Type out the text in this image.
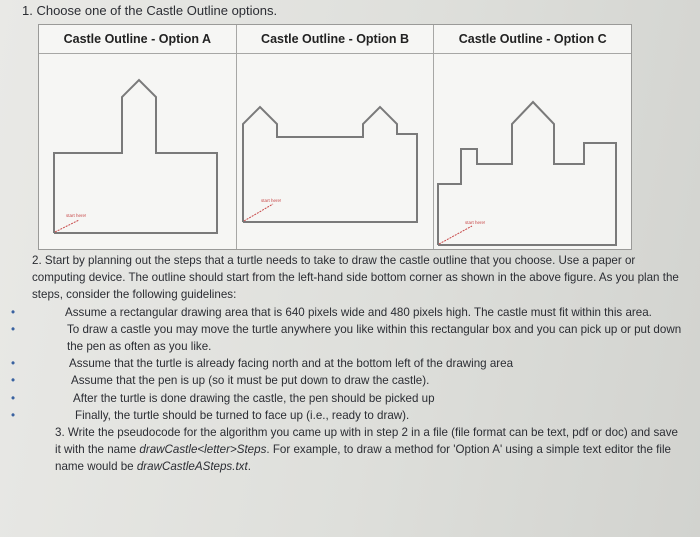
1. Choose one of the Castle Outline options.
Castle Outline - Option A
start here!
Castle Outline - Option B
start here!
Castle Outline - Option C
start here!

2. Start by planning out the steps that a turtle needs to take to draw the castle outline that you choose. Use a paper or computing device. The outline should start from the left-hand side bottom corner as shown in the above figure. As you plan the steps, consider the following guidelines:

• Assume a rectangular drawing area that is 640 pixels wide and 480 pixels high. The castle must fit within this area.
• To draw a castle you may move the turtle anywhere you like within this rectangular box and you can pick up or put down the pen as often as you like.
• Assume that the turtle is already facing north and at the bottom left of the drawing area
• Assume that the pen is up (so it must be put down to draw the castle).
• After the turtle is done drawing the castle, the pen should be picked up
• Finally, the turtle should be turned to face up (i.e., ready to draw).

3. Write the pseudocode for the algorithm you came up with in step 2 in a file (file format can be text, pdf or doc) and save it with the name drawCastle<letter>Steps. For example, to draw a method for 'Option A' using a simple text editor the file name would be drawCastleASteps.txt.
